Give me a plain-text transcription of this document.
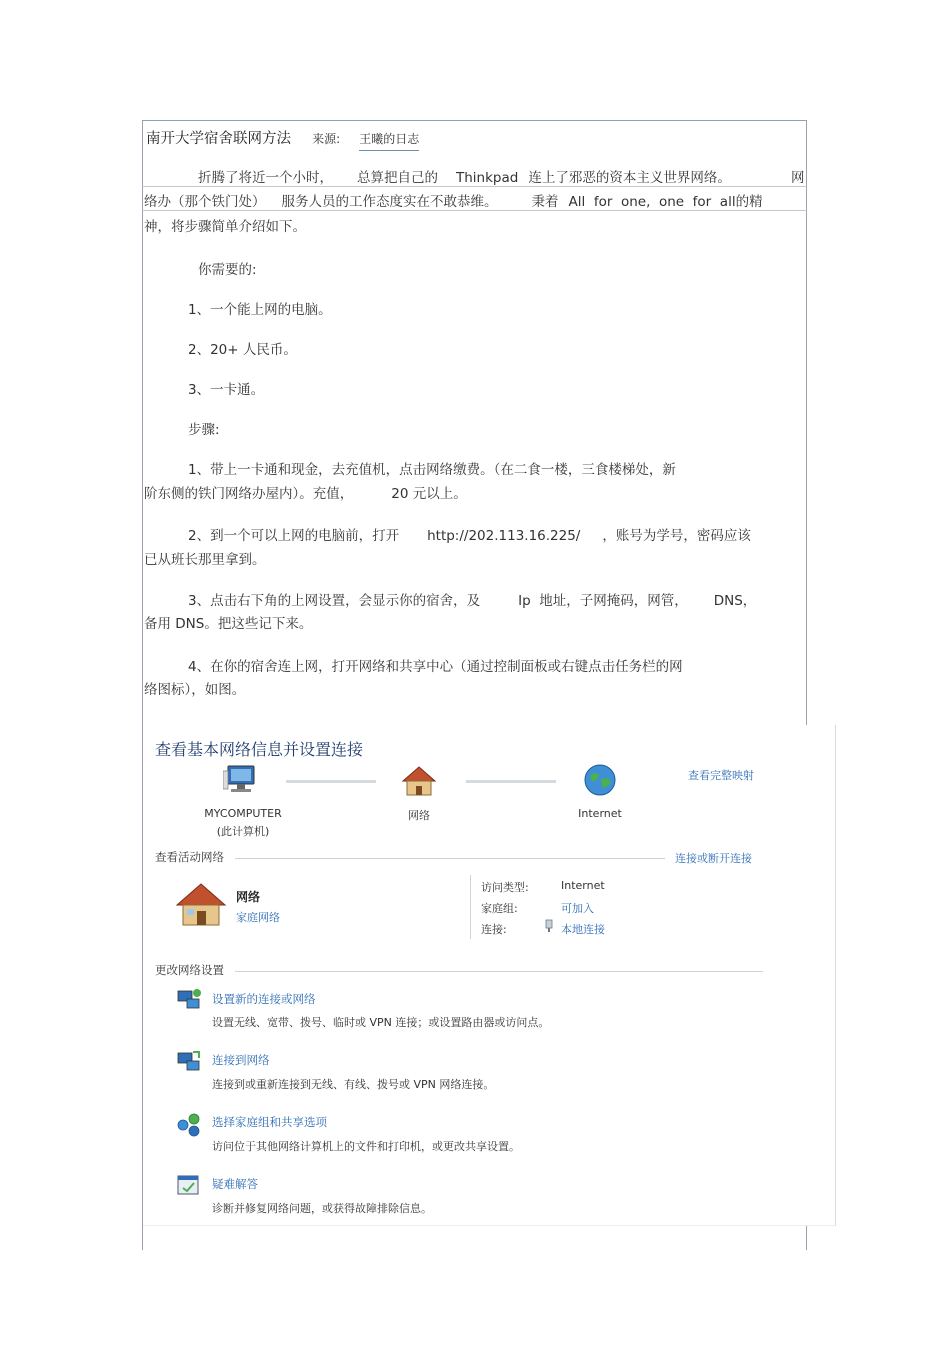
南开大学宿舍联网方法 来源: 王曦的日志
折腾了将近一个小时， 总算把自己的 Thinkpad 连上了邪恶的资本主义世界网络。	网
络办（那个铁门处） 服务人员的工作态度实在不敢恭维。	秉着 All  for  one,  one  for  all的精
神，将步骤简单介绍如下。
你需要的:
1、一个能上网的电脑。
2、20+ 人民币。
3、一卡通。
步骤:
1、带上一卡通和现金，去充值机，点击网络缴费。（在二食一楼，三食楼梯处，新
阶东侧的铁门网络办屋内）。充值，	20 元以上。
2、到一个可以上网的电脑前，打开 http://202.113.16.225/ ，账号为学号，密码应该
已从班长那里拿到。
3、点击右下角的上网设置，会显示你的宿舍，及	Ip  地址，子网掩码，网管， DNS，
备用 DNS。把这些记下来。
4、在你的宿舍连上网，打开网络和共享中心（通过控制面板或右键点击任务栏的网
络图标），如图。
查看基本网络信息并设置连接
查看完整映射
MYCOMPUTER
(此计算机)
网络	Internet
查看活动网络	连接或断开连接
网络
家庭网络
访问类型:	Internet
家庭组:	可加入
连接:	本地连接
更改网络设置
设置新的连接或网络
设置无线、宽带、拨号、临时或 VPN 连接；或设置路由器或访问点。
连接到网络
连接到或重新连接到无线、有线、拨号或 VPN 网络连接。
选择家庭组和共享选项
访问位于其他网络计算机上的文件和打印机，或更改共享设置。
疑难解答
诊断并修复网络问题，或获得故障排除信息。
